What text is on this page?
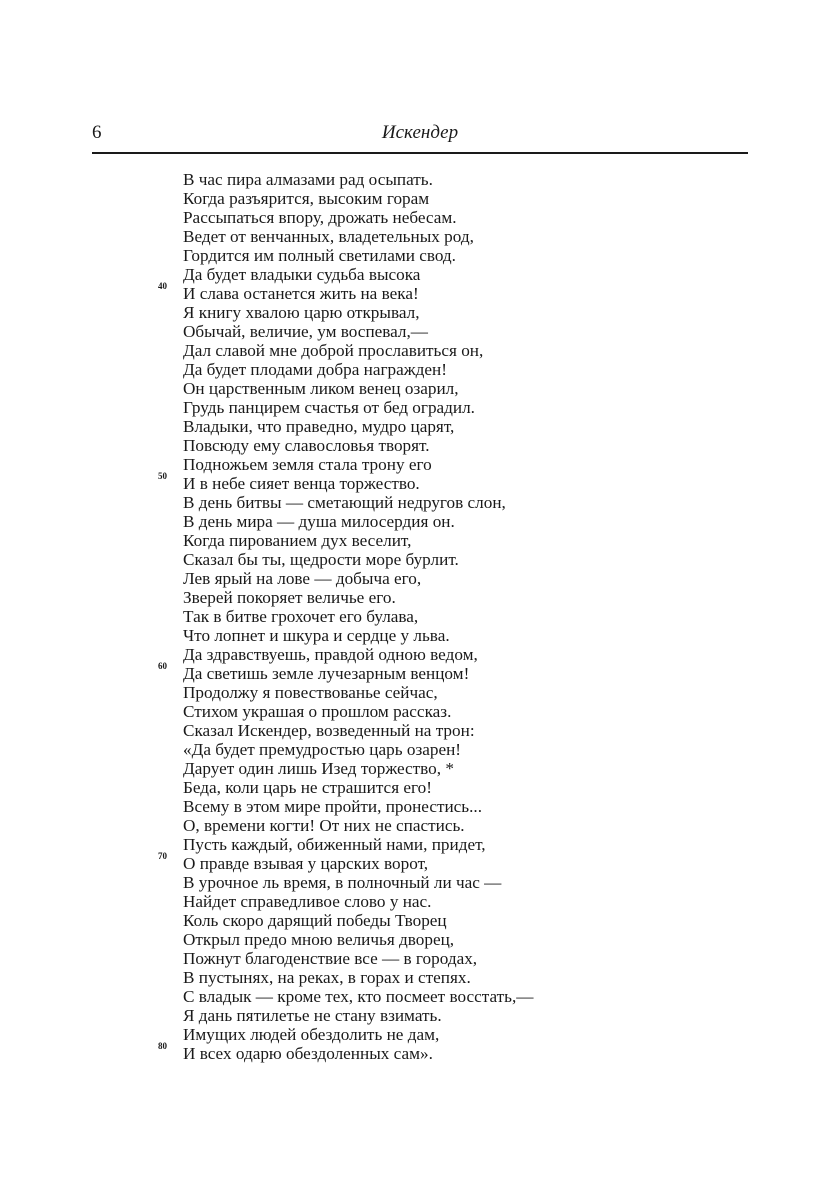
6	Искендер
В час пира алмазами рад осыпать.
Когда разъярится, высоким горам
Рассыпаться впору, дрожать небесам.
Ведет от венчанных, владетельных род,
Гордится им полный светилами свод.
Да будет владыки судьба высока
40 И слава останется жить на века!
Я книгу хвалою царю открывал,
Обычай, величие, ум воспевал,—
Дал славой мне доброй прославиться он,
Да будет плодами добра награжден!
Он царственным ликом венец озарил,
Грудь панцирем счастья от бед оградил.
Владыки, что праведно, мудро царят,
Повсюду ему славословья творят.
Подножьем земля стала трону его
50 И в небе сияет венца торжество.
В день битвы — сметающий недругов слон,
В день мира — душа милосердия он.
Когда пированием дух веселит,
Сказал бы ты, щедрости море бурлит.
Лев ярый на лове — добыча его,
Зверей покоряет величье его.
Так в битве грохочет его булава,
Что лопнет и шкура и сердце у льва.
Да здравствуешь, правдой одною ведом,
60 Да светишь земле лучезарным венцом!
Продолжу я повествованье сейчас,
Стихом украшая о прошлом рассказ.
Сказал Искендер, возведенный на трон:
«Да будет премудростью царь озарен!
Дарует один лишь Изед торжество, *
Беда, коли царь не страшится его!
Всему в этом мире пройти, пронестись...
О, времени когти! От них не спастись.
Пусть каждый, обиженный нами, придет,
70 О правде взывая у царских ворот,
В урочное ль время, в полночный ли час —
Найдет справедливое слово у нас.
Коль скоро дарящий победы Творец
Открыл предо мною величья дворец,
Пожнут благоденствие все — в городах,
В пустынях, на реках, в горах и степях.
С владык — кроме тех, кто посмеет восстать,—
Я дань пятилетье не стану взимать.
Имущих людей обездолить не дам,
80 И всех одарю обездоленных сам».
